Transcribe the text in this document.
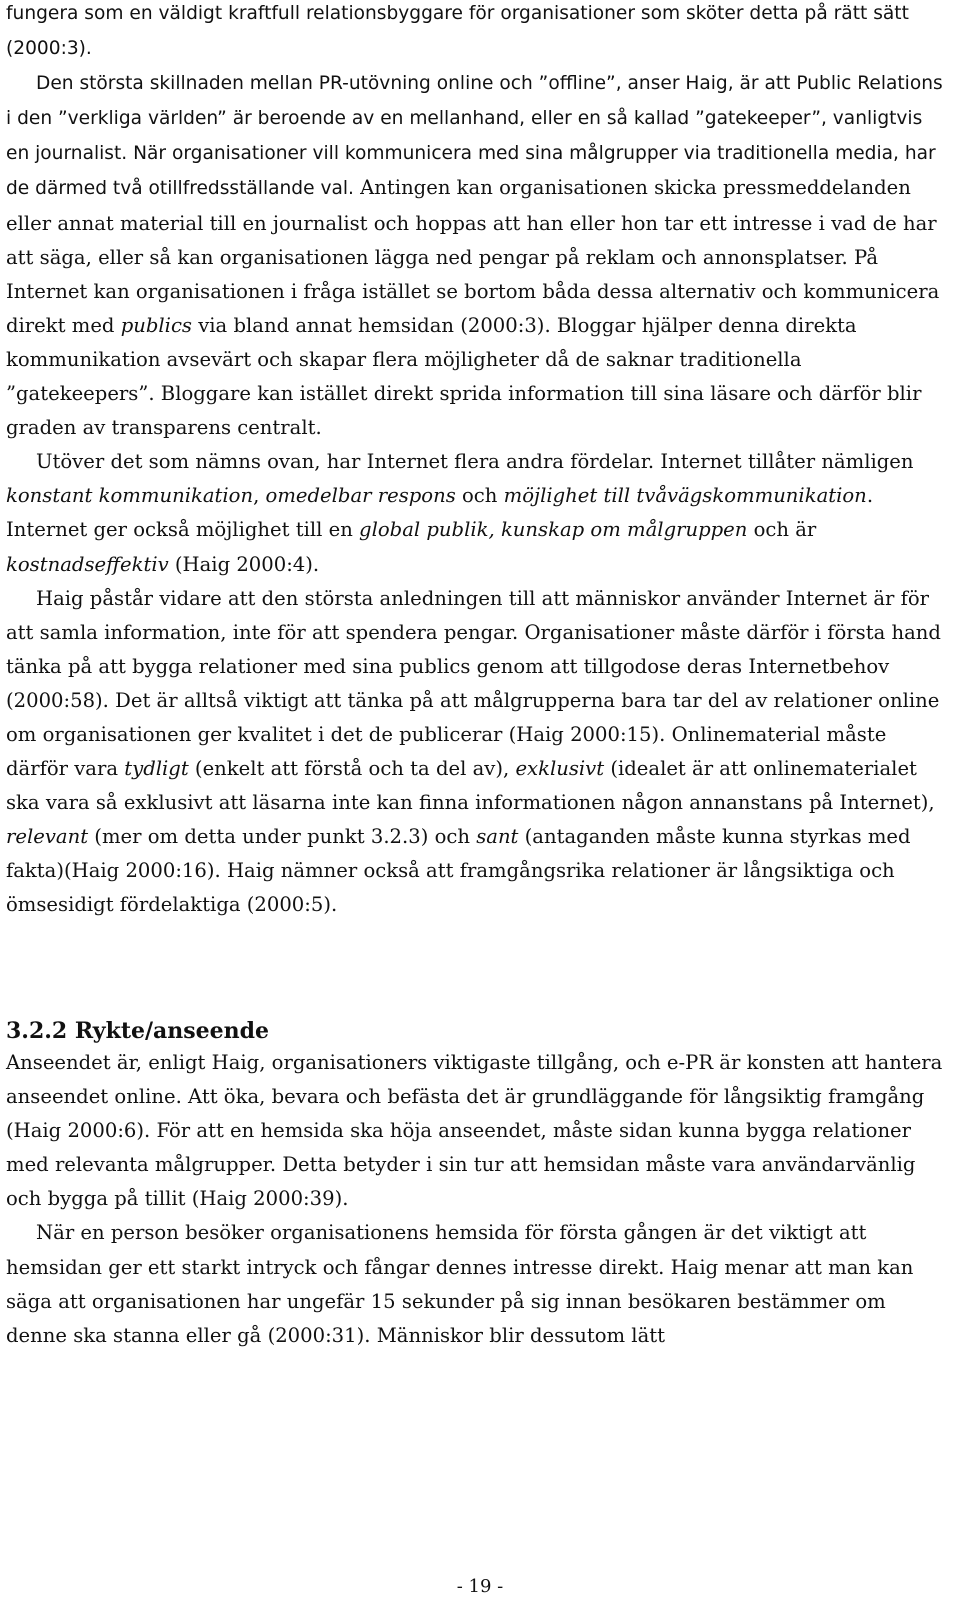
fungera som en väldigt kraftfull relationsbyggare för organisationer som sköter detta på rätt sätt (2000:3).

Den största skillnaden mellan PR-utövning online och ”offline”, anser Haig, är att Public Relations i den ”verkliga världen” är beroende av en mellanhand, eller en så kallad ”gatekeeper”, vanligtvis en journalist. När organisationer vill kommunicera med sina målgrupper via traditionella media, har de därmed två otillfredsställande val. Antingen kan organisationen skicka pressmeddelanden eller annat material till en journalist och hoppas att han eller hon tar ett intresse i vad de har att säga, eller så kan organisationen lägga ned pengar på reklam och annonsplatser. På Internet kan organisationen i fråga istället se bortom båda dessa alternativ och kommunicera direkt med publics via bland annat hemsidan (2000:3). Bloggar hjälper denna direkta kommunikation avsevärt och skapar flera möjligheter då de saknar traditionella ”gatekeepers”. Bloggare kan istället direkt sprida information till sina läsare och därför blir graden av transparens centralt.

Utöver det som nämns ovan, har Internet flera andra fördelar. Internet tillåter nämligen konstant kommunikation, omedelbar respons och möjlighet till tvåvägskommunikation. Internet ger också möjlighet till en global publik, kunskap om målgruppen och är kostnadseffektiv (Haig 2000:4).

Haig påstår vidare att den största anledningen till att människor använder Internet är för att samla information, inte för att spendera pengar. Organisationer måste därför i första hand tänka på att bygga relationer med sina publics genom att tillgodose deras Internetbehov (2000:58). Det är alltså viktigt att tänka på att målgrupperna bara tar del av relationer online om organisationen ger kvalitet i det de publicerar (Haig 2000:15). Onlinematerial måste därför vara tydligt (enkelt att förstå och ta del av), exklusivt (idealet är att onlinematerialet ska vara så exklusivt att läsarna inte kan finna informationen någon annanstans på Internet), relevant (mer om detta under punkt 3.2.3) och sant (antaganden måste kunna styrkas med fakta)(Haig 2000:16). Haig nämner också att framgångsrika relationer är långsiktiga och ömsesidigt fördelaktiga (2000:5).

3.2.2 Rykte/anseende

Anseendet är, enligt Haig, organisationers viktigaste tillgång, och e-PR är konsten att hantera anseendet online. Att öka, bevara och befästa det är grundläggande för långsiktig framgång (Haig 2000:6). För att en hemsida ska höja anseendet, måste sidan kunna bygga relationer med relevanta målgrupper. Detta betyder i sin tur att hemsidan måste vara användarvänlig och bygga på tillit (Haig 2000:39).

När en person besöker organisationens hemsida för första gången är det viktigt att hemsidan ger ett starkt intryck och fångar dennes intresse direkt. Haig menar att man kan säga att organisationen har ungefär 15 sekunder på sig innan besökaren bestämmer om denne ska stanna eller gå (2000:31). Människor blir dessutom lätt

- 19 -
